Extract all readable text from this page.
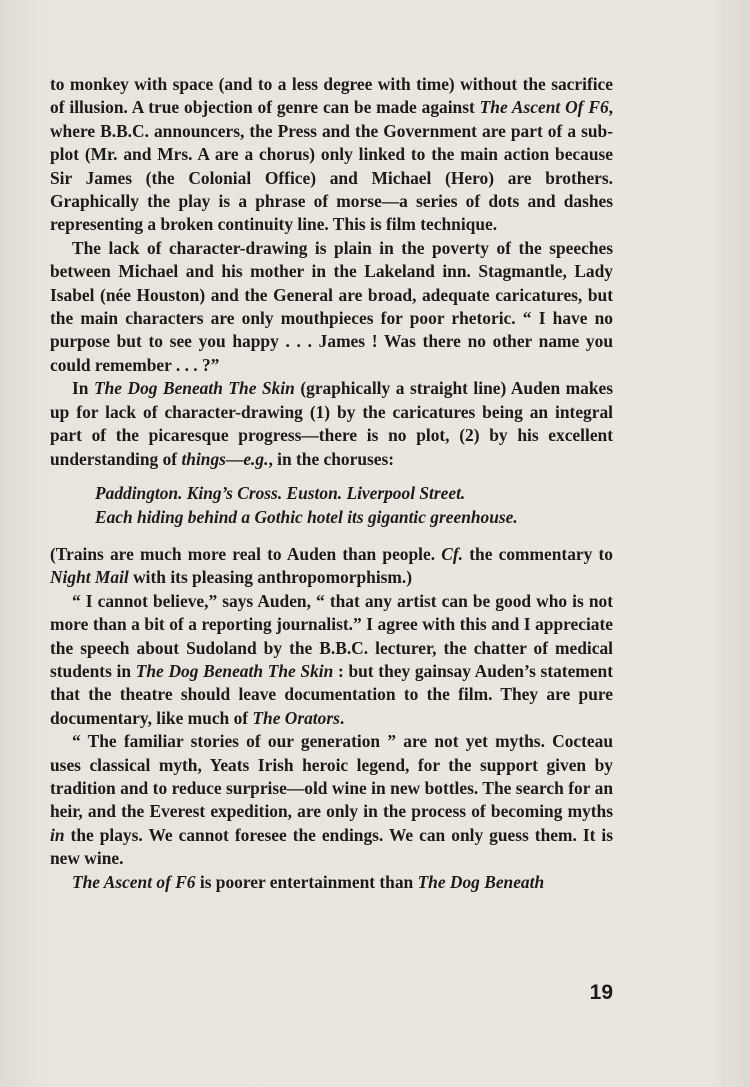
to monkey with space (and to a less degree with time) without the sacrifice of illusion. A true objection of genre can be made against The Ascent Of F6, where B.B.C. announcers, the Press and the Government are part of a sub-plot (Mr. and Mrs. A are a chorus) only linked to the main action because Sir James (the Colonial Office) and Michael (Hero) are brothers. Graphically the play is a phrase of morse—a series of dots and dashes representing a broken continuity line. This is film technique.

The lack of character-drawing is plain in the poverty of the speeches between Michael and his mother in the Lakeland inn. Stagmantle, Lady Isabel (née Houston) and the General are broad, adequate caricatures, but the main characters are only mouthpieces for poor rhetoric. “ I have no purpose but to see you happy . . . James ! Was there no other name you could remember . . . ?”

In The Dog Beneath The Skin (graphically a straight line) Auden makes up for lack of character-drawing (1) by the caricatures being an integral part of the picaresque progress—there is no plot, (2) by his excellent understanding of things—e.g., in the choruses:

Paddington. King’s Cross. Euston. Liverpool Street.
Each hiding behind a Gothic hotel its gigantic greenhouse.

(Trains are much more real to Auden than people. Cf. the commentary to Night Mail with its pleasing anthropomorphism.)

“ I cannot believe,” says Auden, “ that any artist can be good who is not more than a bit of a reporting journalist.” I agree with this and I appreciate the speech about Sudoland by the B.B.C. lecturer, the chatter of medical students in The Dog Beneath The Skin : but they gainsay Auden’s statement that the theatre should leave documentation to the film. They are pure documentary, like much of The Orators.

“ The familiar stories of our generation ” are not yet myths. Cocteau uses classical myth, Yeats Irish heroic legend, for the support given by tradition and to reduce surprise—old wine in new bottles. The search for an heir, and the Everest expedition, are only in the process of becoming myths in the plays. We cannot foresee the endings. We can only guess them. It is new wine.

The Ascent of F6 is poorer entertainment than The Dog Beneath

19
